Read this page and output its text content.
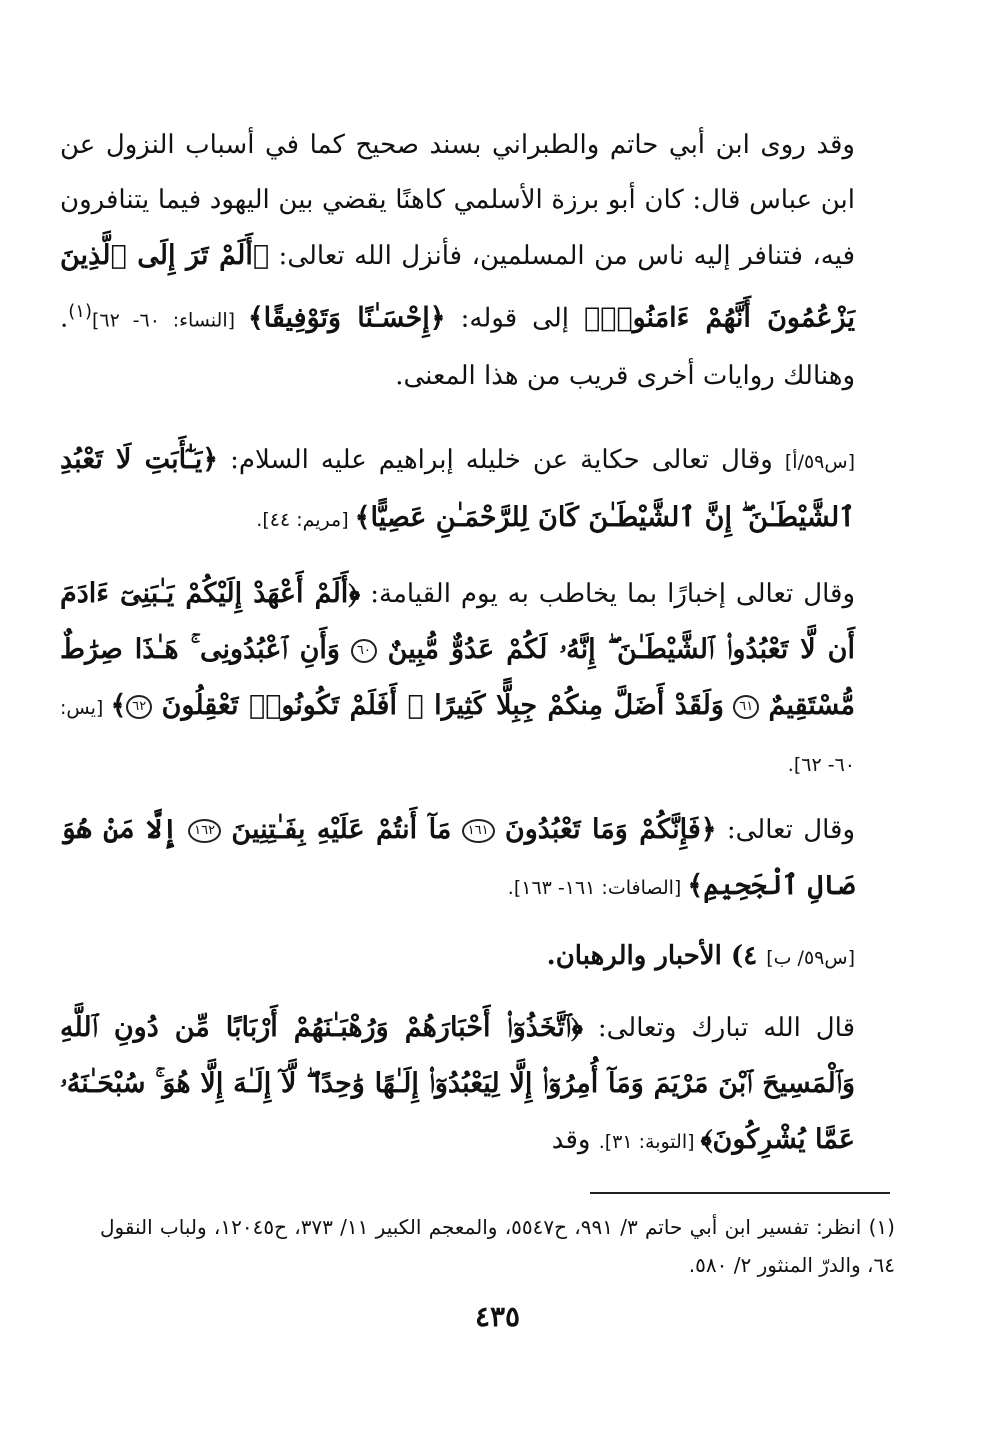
وقد روى ابن أبي حاتم والطبراني بسند صحيح كما في أسباب النزول عن ابن عباس قال: كان أبو برزة الأسلمي كاهنًا يقضي بين اليهود فيما يتنافرون فيه، فتنافر إليه ناس من المسلمين، فأنزل الله تعالى: ﴿أَلَمْ تَرَ إِلَى ٱلَّذِينَ يَزْعُمُونَ أَنَّهُمْ ءَامَنُوا۟﴾ إلى قوله: ﴿إِحْسَـٰنًا وَتَوْفِيقًا﴾ [النساء: ٦٠- ٦٢]$^{(١)}$. وهنالك روايات أخرى قريب من هذا المعنى.
[س٥٩/أ] وقال تعالى حكاية عن خليله إبراهيم عليه السلام: ﴿يَـٰٓأَبَتِ لَا تَعْبُدِ ٱلشَّيْطَـٰنَ ۖ إِنَّ ٱلشَّيْطَـٰنَ كَانَ لِلرَّحْمَـٰنِ عَصِيًّا﴾ [مريم: ٤٤].
وقال تعالى إخبارًا بما يخاطب به يوم القيامة: ﴿أَلَمْ أَعْهَدْ إِلَيْكُمْ يَـٰبَنِىٓ ءَادَمَ أَن لَّا تَعْبُدُوا۟ ٱلشَّيْطَـٰنَ ۖ إِنَّهُۥ لَكُمْ عَدُوٌّ مُّبِينٌ ٦٠ وَأَنِ ٱعْبُدُونِى ۚ هَـٰذَا صِرَٰطٌ مُّسْتَقِيمٌ ٦١ وَلَقَدْ أَضَلَّ مِنكُمْ جِبِلًّا كَثِيرًا ۖ أَفَلَمْ تَكُونُوا۟ تَعْقِلُونَ ٦٢﴾ [يس: ٦٠- ٦٢].
وقال تعالى: ﴿فَإِنَّكُمْ وَمَا تَعْبُدُونَ ١٦١ مَآ أَنتُمْ عَلَيْهِ بِفَـٰتِنِينَ ١٦٢ إِلَّا مَنْ هُوَ صَالِ ٱلْجَحِيمِ﴾ [الصافات: ١٦١- ١٦٣].
[س٥٩/ ب] ٤) الأحبار والرهبان.
قال الله تبارك وتعالى: ﴿ٱتَّخَذُوٓا۟ أَحْبَارَهُمْ وَرُهْبَـٰنَهُمْ أَرْبَابًا مِّن دُونِ ٱللَّهِ وَٱلْمَسِيحَ ٱبْنَ مَرْيَمَ وَمَآ أُمِرُوٓا۟ إِلَّا لِيَعْبُدُوٓا۟ إِلَـٰهًا وَٰحِدًا ۖ لَّآ إِلَـٰهَ إِلَّا هُوَ ۚ سُبْحَـٰنَهُۥ عَمَّا يُشْرِكُونَ﴾ [التوبة: ٣١]. وقد
(١) انظر: تفسير ابن أبي حاتم ٣/ ٩٩١، ح٥٥٤٧، والمعجم الكبير ١١/ ٣٧٣، ح١٢٠٤٥، ولباب النقول ٦٤، والدرّ المنثور ٢/ ٥٨٠.
٤٣٥
